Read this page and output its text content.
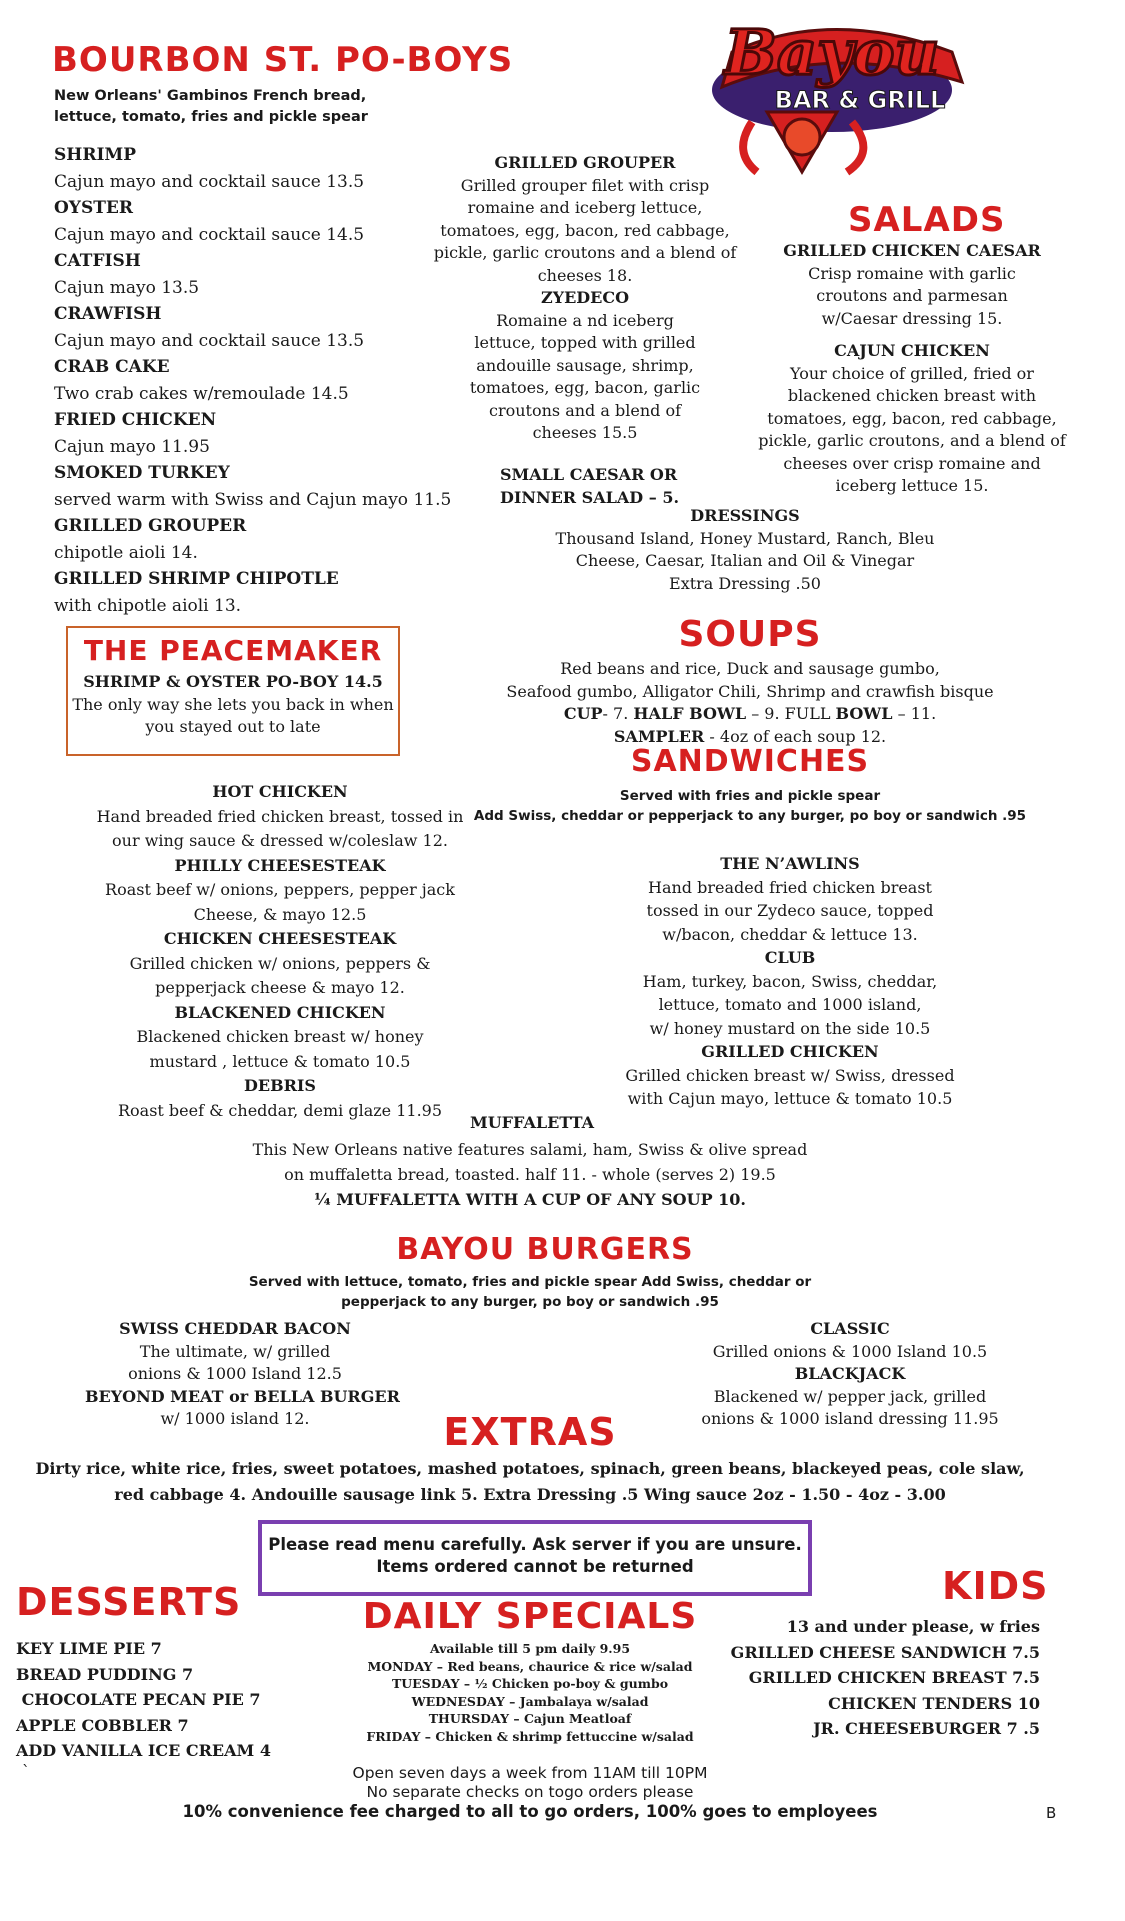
Bayou
BAR & GRILL
BOURBON ST. PO-BOYS
New Orleans' Gambinos French bread,
lettuce, tomato, fries and pickle spear
SHRIMP
Cajun mayo and cocktail sauce 13.5
OYSTER
Cajun mayo and cocktail sauce 14.5
CATFISH
Cajun mayo 13.5
CRAWFISH
Cajun mayo and cocktail sauce 13.5
CRAB CAKE
Two crab cakes w/remoulade 14.5
FRIED CHICKEN
Cajun mayo 11.95
SMOKED TURKEY
served warm with Swiss and Cajun mayo 11.5
GRILLED GROUPER
chipotle aioli 14.
GRILLED SHRIMP CHIPOTLE
with chipotle aioli 13.
THE PEACEMAKER
SHRIMP & OYSTER PO-BOY 14.5
The only way she lets you back in when
you stayed out to late
GRILLED GROUPER
Grilled grouper filet with crisp
romaine and iceberg lettuce,
tomatoes, egg, bacon, red cabbage,
pickle, garlic croutons and a blend of
cheeses 18.
ZYEDECO
Romaine a nd iceberg
lettuce, topped with grilled
andouille sausage, shrimp,
tomatoes, egg, bacon, garlic
croutons and a blend of
cheeses 15.5
SMALL CAESAR OR
DINNER SALAD – 5.
SALADS
GRILLED CHICKEN CAESAR
Crisp romaine with garlic
croutons and parmesan
w/Caesar dressing 15.
CAJUN CHICKEN
Your choice of grilled, fried or
blackened chicken breast with
tomatoes, egg, bacon, red cabbage,
pickle, garlic croutons, and a blend of
cheeses over crisp romaine and
iceberg lettuce 15.
DRESSINGS
Thousand Island, Honey Mustard, Ranch, Bleu
Cheese, Caesar, Italian and Oil & Vinegar
Extra Dressing .50
SOUPS
Red beans and rice, Duck and sausage gumbo,
Seafood gumbo, Alligator Chili, Shrimp and crawfish bisque
CUP- 7. HALF BOWL – 9. FULL BOWL – 11.
SAMPLER - 4oz of each soup 12.
SANDWICHES
Served with fries and pickle spear
Add Swiss, cheddar or pepperjack to any burger, po boy or sandwich .95
HOT CHICKEN
Hand breaded fried chicken breast, tossed in
our wing sauce & dressed w/coleslaw 12.
PHILLY CHEESESTEAK
Roast beef w/ onions, peppers, pepper jack
Cheese, & mayo 12.5
CHICKEN CHEESESTEAK
Grilled chicken w/ onions, peppers &
pepperjack cheese & mayo 12.
BLACKENED CHICKEN
Blackened chicken breast w/ honey
mustard , lettuce & tomato 10.5
DEBRIS
Roast beef & cheddar, demi glaze 11.95
THE N’AWLINS
Hand breaded fried chicken breast
tossed in our Zydeco sauce, topped
w/bacon, cheddar & lettuce 13.
CLUB
Ham, turkey, bacon, Swiss, cheddar,
lettuce, tomato and 1000 island,
w/ honey mustard on the side 10.5
GRILLED CHICKEN
Grilled chicken breast w/ Swiss, dressed
with Cajun mayo, lettuce & tomato 10.5
MUFFALETTA
This New Orleans native features salami, ham, Swiss & olive spread
on muffaletta bread, toasted. half 11. - whole (serves 2) 19.5
¼ MUFFALETTA WITH A CUP OF ANY SOUP 10.
BAYOU BURGERS
Served with lettuce, tomato, fries and pickle spear Add Swiss, cheddar or
pepperjack to any burger, po boy or sandwich .95
SWISS CHEDDAR BACON
The ultimate, w/ grilled
onions & 1000 Island 12.5
BEYOND MEAT or BELLA BURGER
w/ 1000 island 12.
CLASSIC
Grilled onions & 1000 Island 10.5
BLACKJACK
Blackened w/ pepper jack, grilled
onions & 1000 island dressing 11.95
EXTRAS
Dirty rice, white rice, fries, sweet potatoes, mashed potatoes, spinach, green beans, blackeyed peas, cole slaw,
red cabbage 4. Andouille sausage link 5. Extra Dressing .5 Wing sauce 2oz - 1.50 - 4oz - 3.00
Please read menu carefully. Ask server if you are unsure.
Items ordered cannot be returned
DESSERTS
KEY LIME PIE 7
BREAD PUDDING 7
CHOCOLATE PECAN PIE 7
APPLE COBBLER 7
ADD VANILLA ICE CREAM 4
DAILY SPECIALS
Available till 5 pm daily 9.95
MONDAY – Red beans, chaurice & rice w/salad
TUESDAY – ½ Chicken po-boy & gumbo
WEDNESDAY – Jambalaya w/salad
THURSDAY – Cajun Meatloaf
FRIDAY – Chicken & shrimp fettuccine w/salad
KIDS
13 and under please, w fries
GRILLED CHEESE SANDWICH 7.5
GRILLED CHICKEN BREAST 7.5
CHICKEN TENDERS 10
JR. CHEESEBURGER 7 .5
`	Open seven days a week from 11AM till 10PM
No separate checks on togo orders please
10% convenience fee charged to all to go orders, 100% goes to employees	B
